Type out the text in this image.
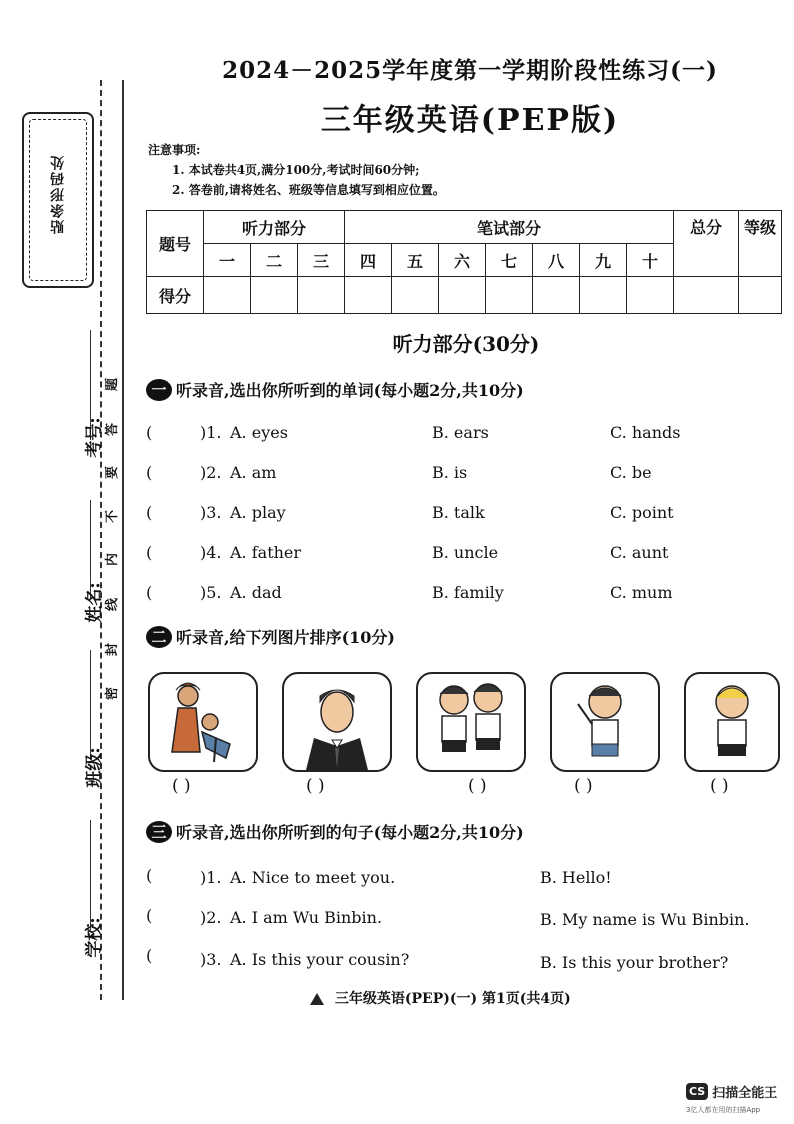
贴条形码处
题
答
要
不
内
线
封
密
考号:
姓名:
班级:
学校:
2024－2025学年度第一学期阶段性练习(一)
三年级英语(PEP版)
注意事项:
1. 本试卷共4页,满分100分,考试时间60分钟;
2. 答卷前,请将姓名、班级等信息填写到相应位置。
题号	听力部分			笔试部分							总分	等级
	一	二	三	四	五	六	七	八	九	十		
得分												
听力部分(30分)
一 听录音,选出你所听到的单词(每小题2分,共10分)
(	)1. A. eyes	B. ears	C. hands
(	)2. A. am	B. is	C. be
(	)3. A. play	B. talk	C. point
(	)4. A. father	B. uncle	C. aunt
(	)5. A. dad	B. family	C. mum
二 听录音,给下列图片排序(10分)
( )	( )	( )	( )	( )
三 听录音,选出你所听到的句子(每小题2分,共10分)
(	)1. A. Nice to meet you.	B. Hello!
(	)2. A. I am Wu Binbin.	B. My name is Wu Binbin.
(	)3. A. Is this your cousin?	B. Is this your brother?
三年级英语(PEP)(一) 第1页(共4页)
CS 扫描全能王
3亿人都在用的扫描App
